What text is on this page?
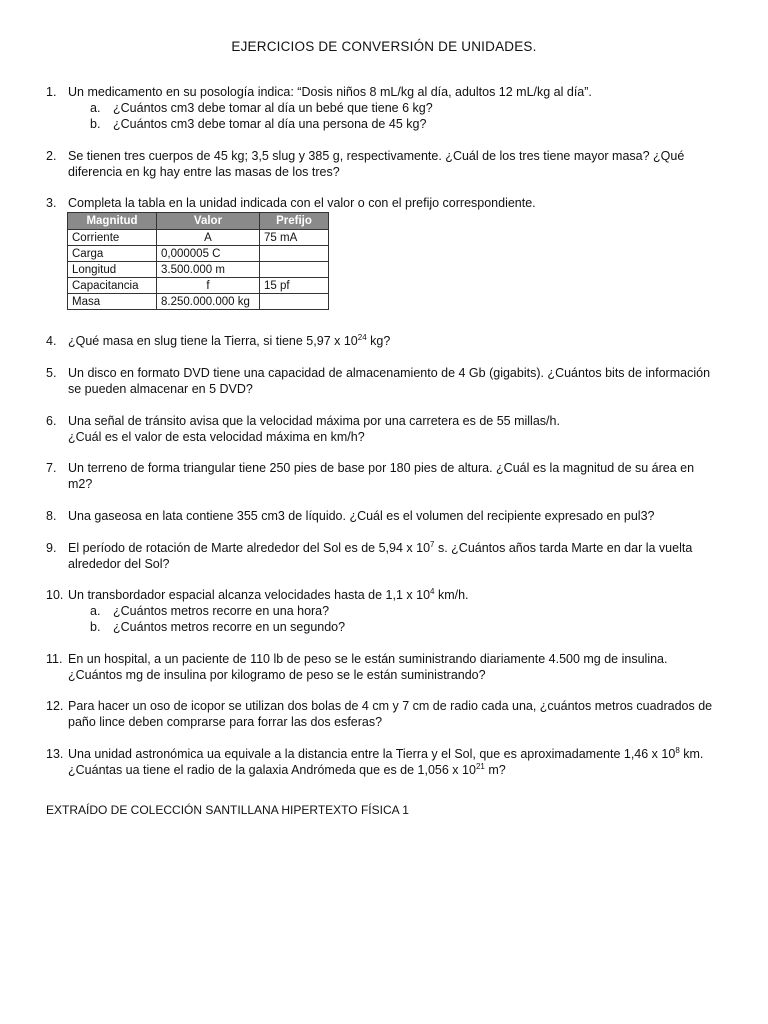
EJERCICIOS DE CONVERSIÓN DE UNIDADES.
1. Un medicamento en su posología indica: “Dosis niños 8 mL/kg al día, adultos 12 mL/kg al día”.
a. ¿Cuántos cm3 debe tomar al día un bebé que tiene 6 kg?
b. ¿Cuántos cm3 debe tomar al día una persona de 45 kg?
2. Se tienen tres cuerpos de 45 kg; 3,5 slug y 385 g, respectivamente. ¿Cuál de los tres tiene mayor masa? ¿Qué
diferencia en kg hay entre las masas de los tres?
3. Completa la tabla en la unidad indicada con el valor o con el prefijo correspondiente.
Magnitud	Valor	Prefijo
Corriente	A	75 mA
Carga	0,000005 C	
Longitud	3.500.000 m	
Capacitancia	f	15 pf
Masa	8.250.000.000 kg	
4. ¿Qué masa en slug tiene la Tierra, si tiene 5,97 x $10^{24}$ kg?
5. Un disco en formato DVD tiene una capacidad de almacenamiento de 4 Gb (gigabits). ¿Cuántos bits de información
se pueden almacenar en 5 DVD?
6. Una señal de tránsito avisa que la velocidad máxima por una carretera es de 55 millas/h.
¿Cuál es el valor de esta velocidad máxima en km/h?
7. Un terreno de forma triangular tiene 250 pies de base por 180 pies de altura. ¿Cuál es la magnitud de su área en
m2?
8. Una gaseosa en lata contiene 355 cm3 de líquido. ¿Cuál es el volumen del recipiente expresado en pul3?
9. El período de rotación de Marte alrededor del Sol es de 5,94 x $10^7$ s. ¿Cuántos años tarda Marte en dar la vuelta
alrededor del Sol?
10. Un transbordador espacial alcanza velocidades hasta de 1,1 x $10^4$ km/h.
a. ¿Cuántos metros recorre en una hora?
b. ¿Cuántos metros recorre en un segundo?
11. En un hospital, a un paciente de 110 lb de peso se le están suministrando diariamente 4.500 mg de insulina.
¿Cuántos mg de insulina por kilogramo de peso se le están suministrando?
12. Para hacer un oso de icopor se utilizan dos bolas de 4 cm y 7 cm de radio cada una, ¿cuántos metros cuadrados de
paño lince deben comprarse para forrar las dos esferas?
13. Una unidad astronómica ua equivale a la distancia entre la Tierra y el Sol, que es aproximadamente 1,46 x $10^8$ km.
¿Cuántas ua tiene el radio de la galaxia Andrómeda que es de 1,056 x $10^{21}$ m?
EXTRAÍDO DE COLECCIÓN SANTILLANA HIPERTEXTO FÍSICA 1
